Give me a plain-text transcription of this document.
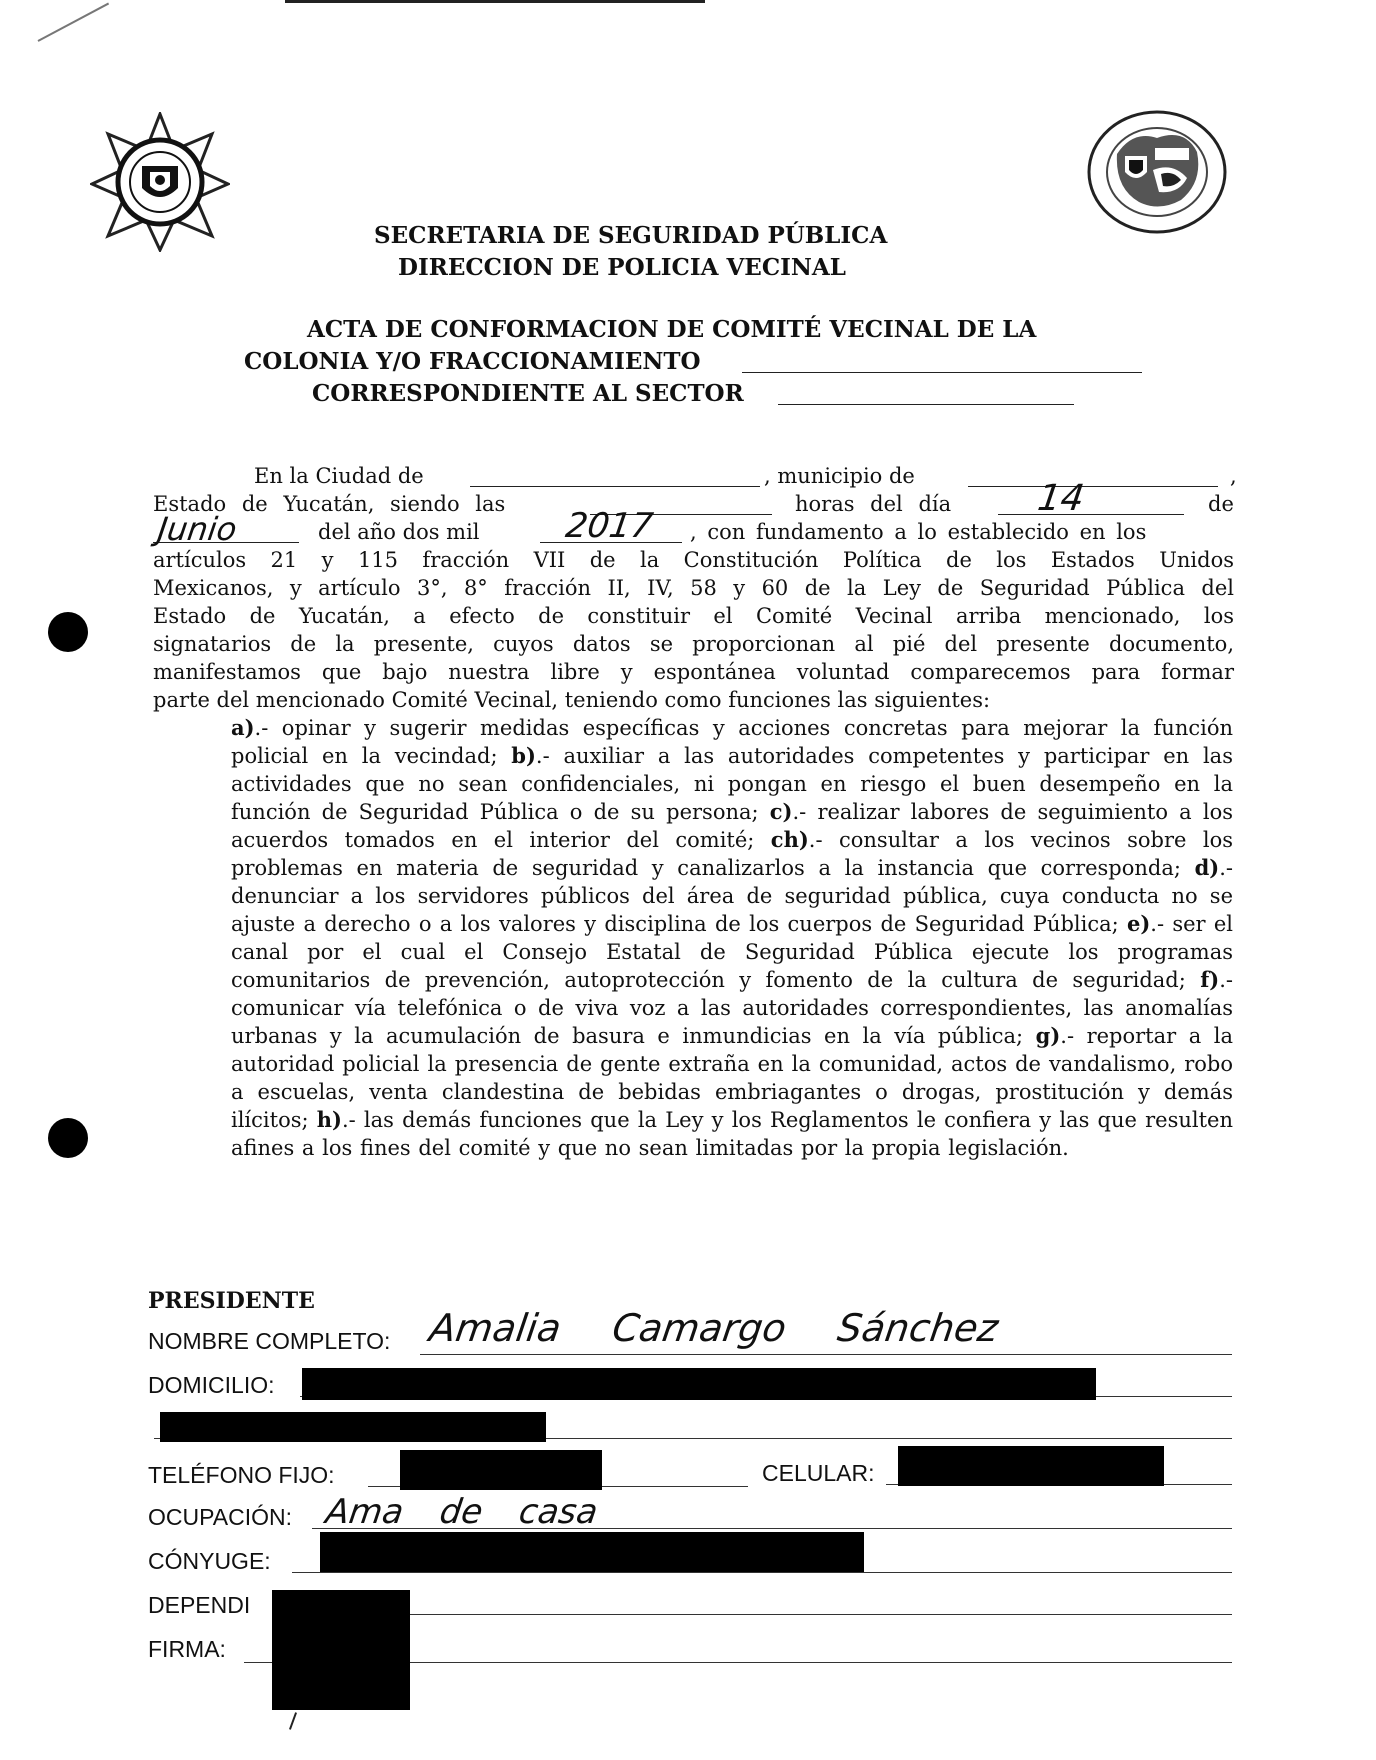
SECRETARIA DE SEGURIDAD PÚBLICA
DIRECCION DE POLICIA VECINAL
ACTA DE CONFORMACION DE COMITÉ VECINAL DE LA
COLONIA Y/O FRACCIONAMIENTO
CORRESPONDIENTE AL SECTOR
En la Ciudad de	, municipio de	,
Estado de Yucatán, siendo las	horas del día 14	de
Junio	del año dos mil 2017 , con fundamento a lo establecido en los
artículos 21 y 115 fracción VII de la Constitución Política de los Estados Unidos
Mexicanos, y artículo 3°, 8° fracción II, IV, 58 y 60 de la Ley de Seguridad Pública del
Estado de Yucatán, a efecto de constituir el Comité Vecinal arriba mencionado, los
signatarios de la presente, cuyos datos se proporcionan al pié del presente documento,
manifestamos que bajo nuestra libre y espontánea voluntad comparecemos para formar
parte del mencionado Comité Vecinal, teniendo como funciones las siguientes:
a).- opinar y sugerir medidas específicas y acciones concretas para mejorar la función policial en la vecindad; b).- auxiliar a las autoridades competentes y participar en las actividades que no sean confidenciales, ni pongan en riesgo el buen desempeño en la función de Seguridad Pública o de su persona; c).- realizar labores de seguimiento a los acuerdos tomados en el interior del comité; ch).- consultar a los vecinos sobre los problemas en materia de seguridad y canalizarlos a la instancia que corresponda; d).- denunciar a los servidores públicos del área de seguridad pública, cuya conducta no se ajuste a derecho o a los valores y disciplina de los cuerpos de Seguridad Pública; e).- ser el canal por el cual el Consejo Estatal de Seguridad Pública ejecute los programas comunitarios de prevención, autoprotección y fomento de la cultura de seguridad; f).- comunicar vía telefónica o de viva voz a las autoridades correspondientes, las anomalías urbanas y la acumulación de basura e inmundicias en la vía pública; g).- reportar a la autoridad policial la presencia de gente extraña en la comunidad, actos de vandalismo, robo a escuelas, venta clandestina de bebidas embriagantes o drogas, prostitución y demás ilícitos; h).- las demás funciones que la Ley y los Reglamentos le confiera y las que resulten afines a los fines del comité y que no sean limitadas por la propia legislación.
PRESIDENTE
NOMBRE COMPLETO: Amalia Camargo Sánchez
DOMICILIO:
TELÉFONO FIJO:	CELULAR:
OCUPACIÓN: Ama de casa
CÓNYUGE:
DEPENDI
FIRMA:
